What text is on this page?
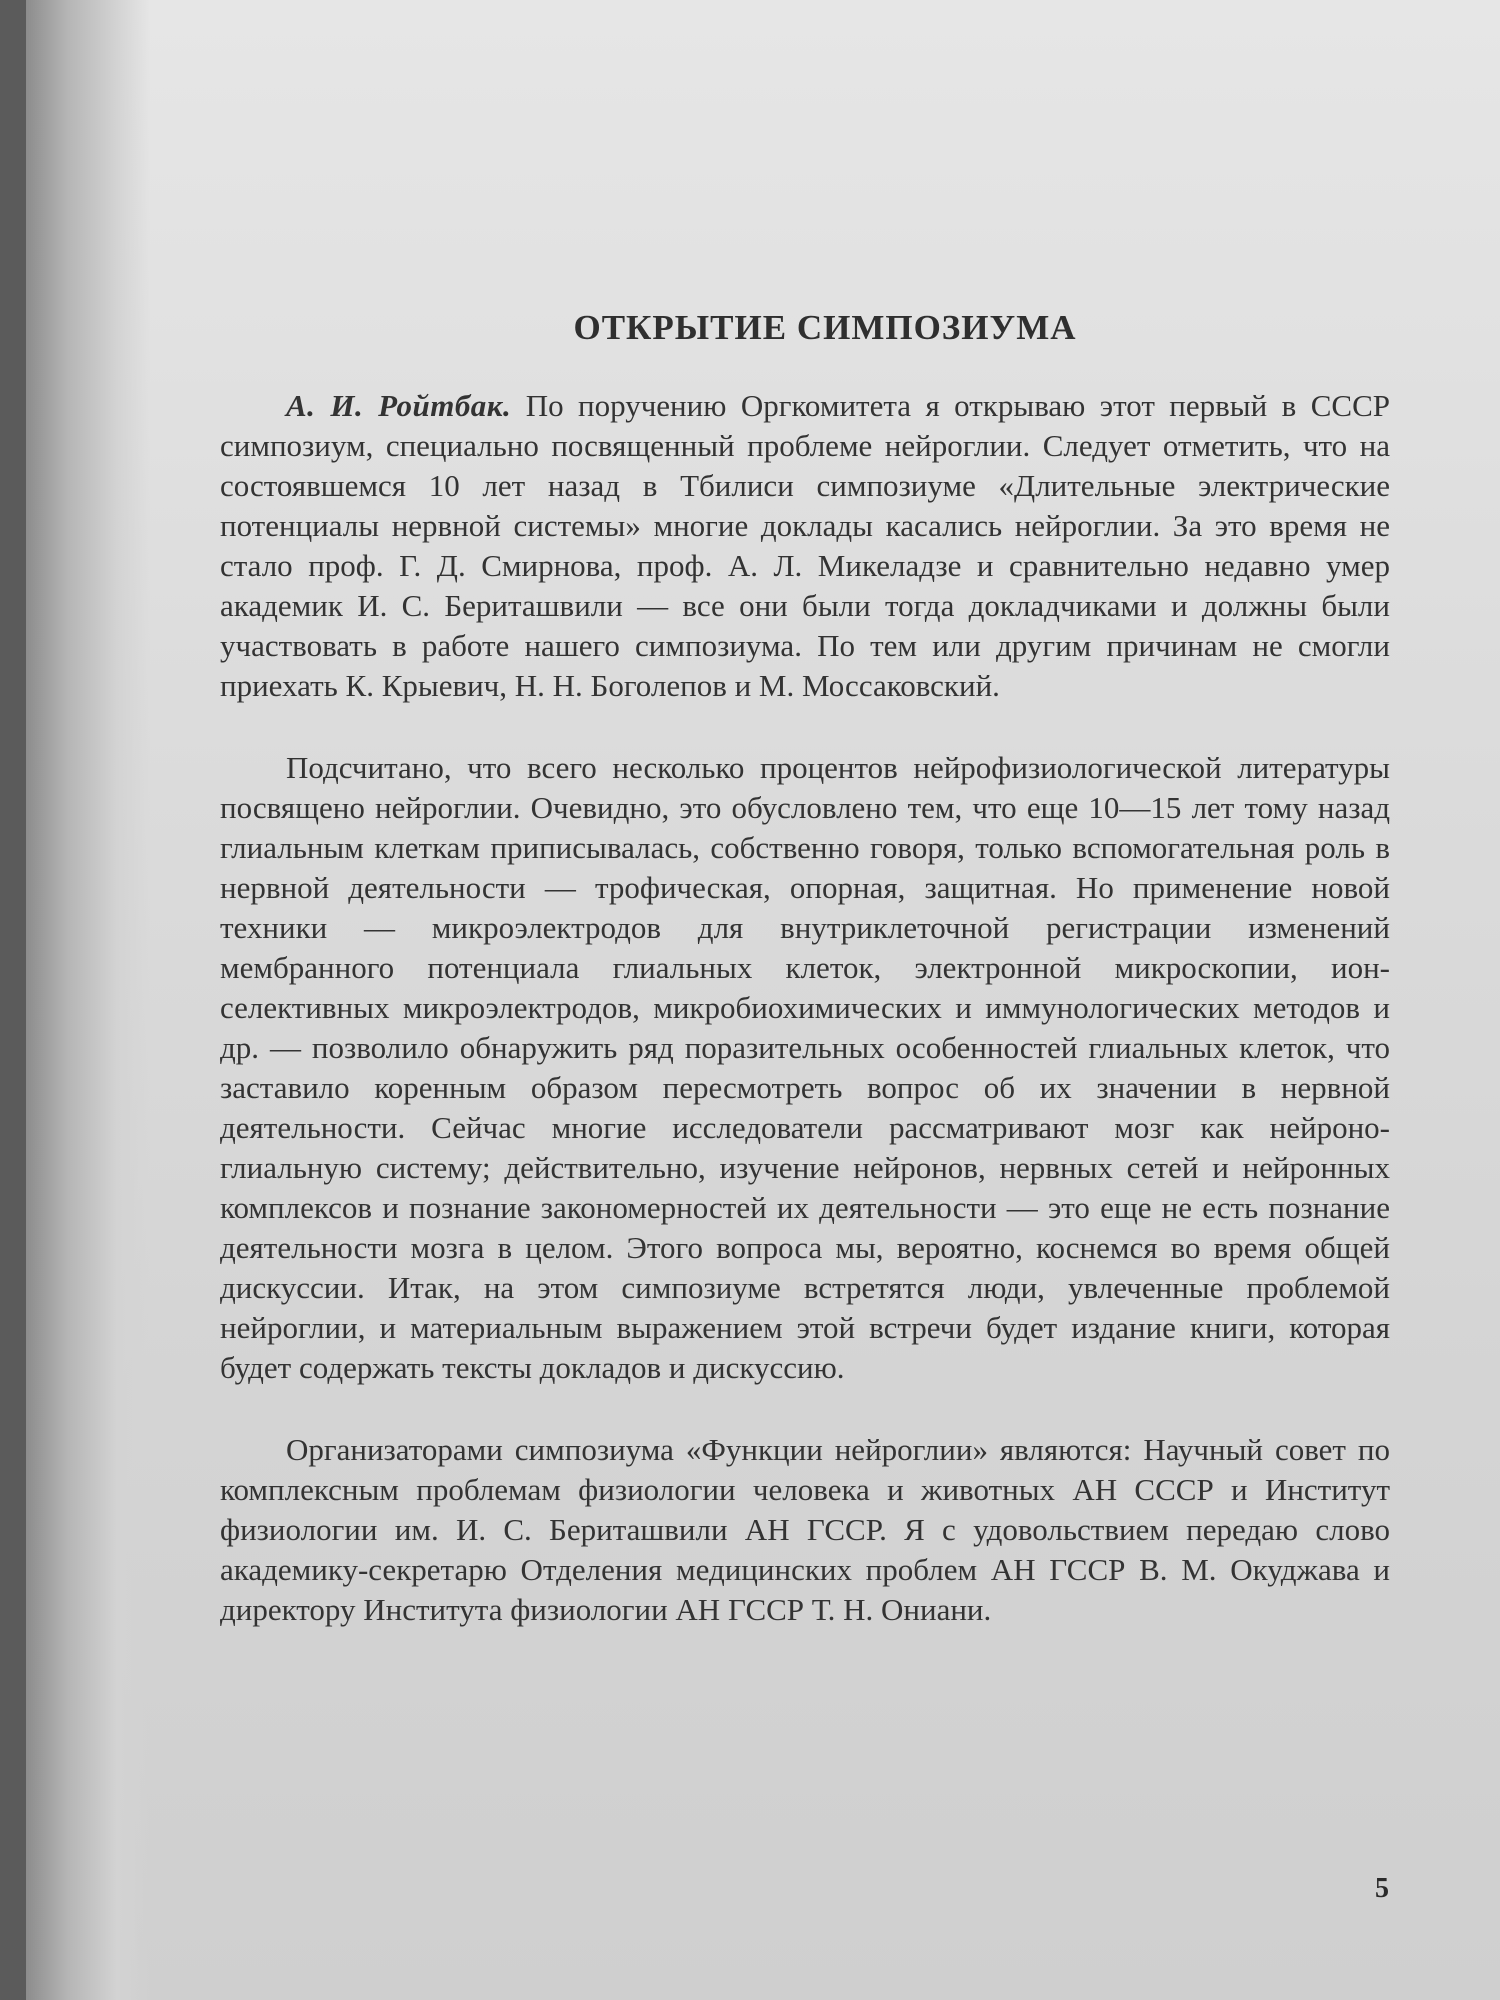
ОТКРЫТИЕ СИМПОЗИУМА

А. И. Ройтбак. По поручению Оргкомитета я открываю этот первый в СССР симпозиум, специально посвященный проблеме нейроглии. Следует отметить, что на состоявшемся 10 лет назад в Тбилиси симпозиуме «Длительные электрические потенциалы нервной системы» многие доклады касались нейроглии. За это время не стало проф. Г. Д. Смирнова, проф. А. Л. Микеладзе и сравнительно недавно умер академик И. С. Бериташвили — все они были тогда докладчиками и должны были участвовать в работе нашего симпозиума. По тем или другим причинам не смогли приехать К. Крыевич, Н. Н. Боголепов и М. Моссаковский.

Подсчитано, что всего несколько процентов нейрофизиологической литературы посвящено нейроглии. Очевидно, это обусловлено тем, что еще 10—15 лет тому назад глиальным клеткам приписывалась, собственно говоря, только вспомогательная роль в нервной деятельности — трофическая, опорная, защитная. Но применение новой техники — микроэлектродов для внутриклеточной регистрации изменений мембранного потенциала глиальных клеток, электронной микроскопии, ион-селективных микроэлектродов, микробиохимических и иммунологических методов и др. — позволило обнаружить ряд поразительных особенностей глиальных клеток, что заставило коренным образом пересмотреть вопрос об их значении в нервной деятельности. Сейчас многие исследователи рассматривают мозг как нейроно-глиальную систему; действительно, изучение нейронов, нервных сетей и нейронных комплексов и познание закономерностей их деятельности — это еще не есть познание деятельности мозга в целом. Этого вопроса мы, вероятно, коснемся во время общей дискуссии. Итак, на этом симпозиуме встретятся люди, увлеченные проблемой нейроглии, и материальным выражением этой встречи будет издание книги, которая будет содержать тексты докладов и дискуссию.

Организаторами симпозиума «Функции нейроглии» являются: Научный совет по комплексным проблемам физиологии человека и животных АН СССР и Институт физиологии им. И. С. Бериташвили АН ГССР. Я с удовольствием передаю слово академику-секретарю Отделения медицинских проблем АН ГССР В. М. Окуджава и директору Института физиологии АН ГССР Т. Н. Ониани.

5
